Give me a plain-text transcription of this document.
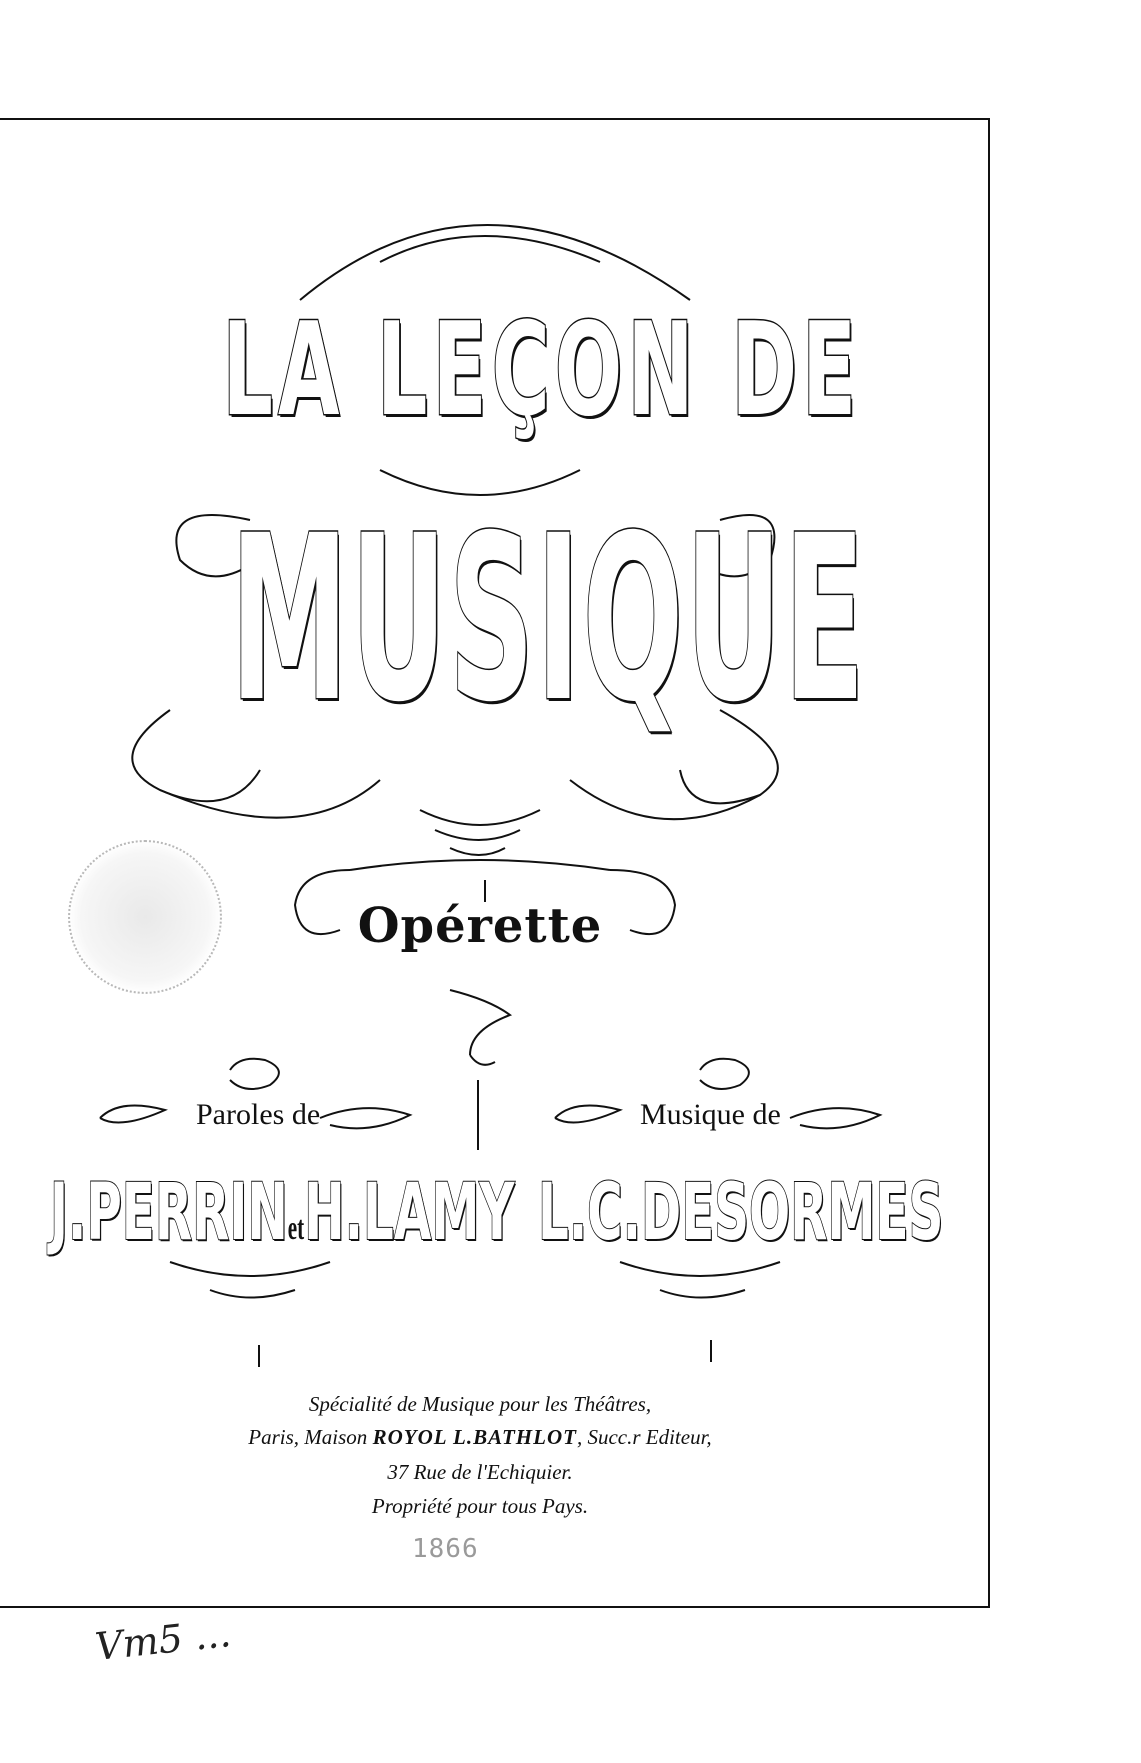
LA LEÇON DE
MUSIQUE
Opérette
Paroles de	Musique de
J.PERRINetH.LAMY L.C.DESORMES
Spécialité de Musique pour les Théâtres,
Paris, Maison ROYOL L.BATHLOT, Succ.r Editeur,
37 Rue de l'Echiquier.
Propriété pour tous Pays.
1866
Vm5 ...
